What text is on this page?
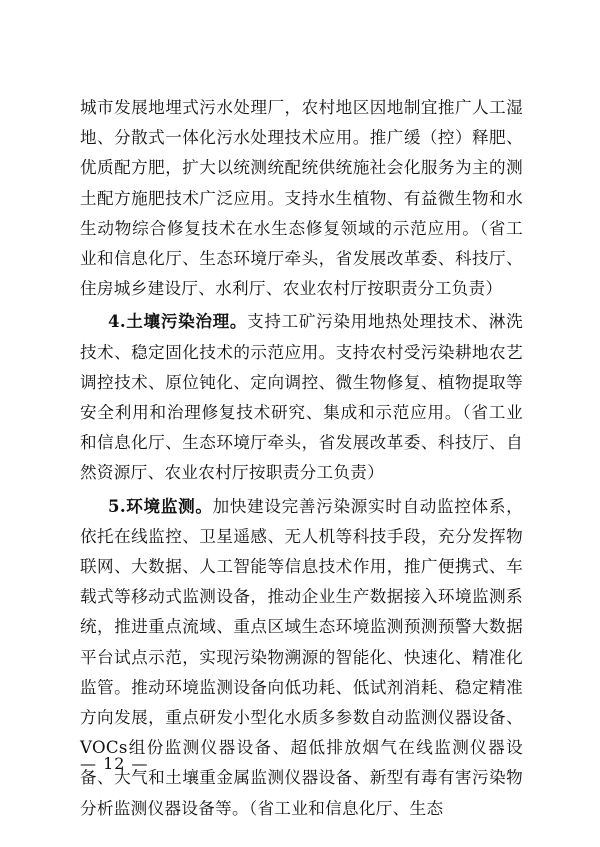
城市发展地埋式污水处理厂，农村地区因地制宜推广人工湿地、分散式一体化污水处理技术应用。推广缓（控）释肥、优质配方肥，扩大以统测统配统供统施社会化服务为主的测土配方施肥技术广泛应用。支持水生植物、有益微生物和水生动物综合修复技术在水生态修复领域的示范应用。（省工业和信息化厅、生态环境厅牵头，省发展改革委、科技厅、住房城乡建设厅、水利厅、农业农村厅按职责分工负责）

4.土壤污染治理。支持工矿污染用地热处理技术、淋洗技术、稳定固化技术的示范应用。支持农村受污染耕地农艺调控技术、原位钝化、定向调控、微生物修复、植物提取等安全利用和治理修复技术研究、集成和示范应用。（省工业和信息化厅、生态环境厅牵头，省发展改革委、科技厅、自然资源厅、农业农村厅按职责分工负责）

5.环境监测。加快建设完善污染源实时自动监控体系，依托在线监控、卫星遥感、无人机等科技手段，充分发挥物联网、大数据、人工智能等信息技术作用，推广便携式、车载式等移动式监测设备，推动企业生产数据接入环境监测系统，推进重点流域、重点区域生态环境监测预测预警大数据平台试点示范，实现污染物溯源的智能化、快速化、精准化监管。推动环境监测设备向低功耗、低试剂消耗、稳定精准方向发展，重点研发小型化水质多参数自动监测仪器设备、VOCs组份监测仪器设备、超低排放烟气在线监测仪器设备、大气和土壤重金属监测仪器设备、新型有毒有害污染物分析监测仪器设备等。（省工业和信息化厅、生态

— 12 —
